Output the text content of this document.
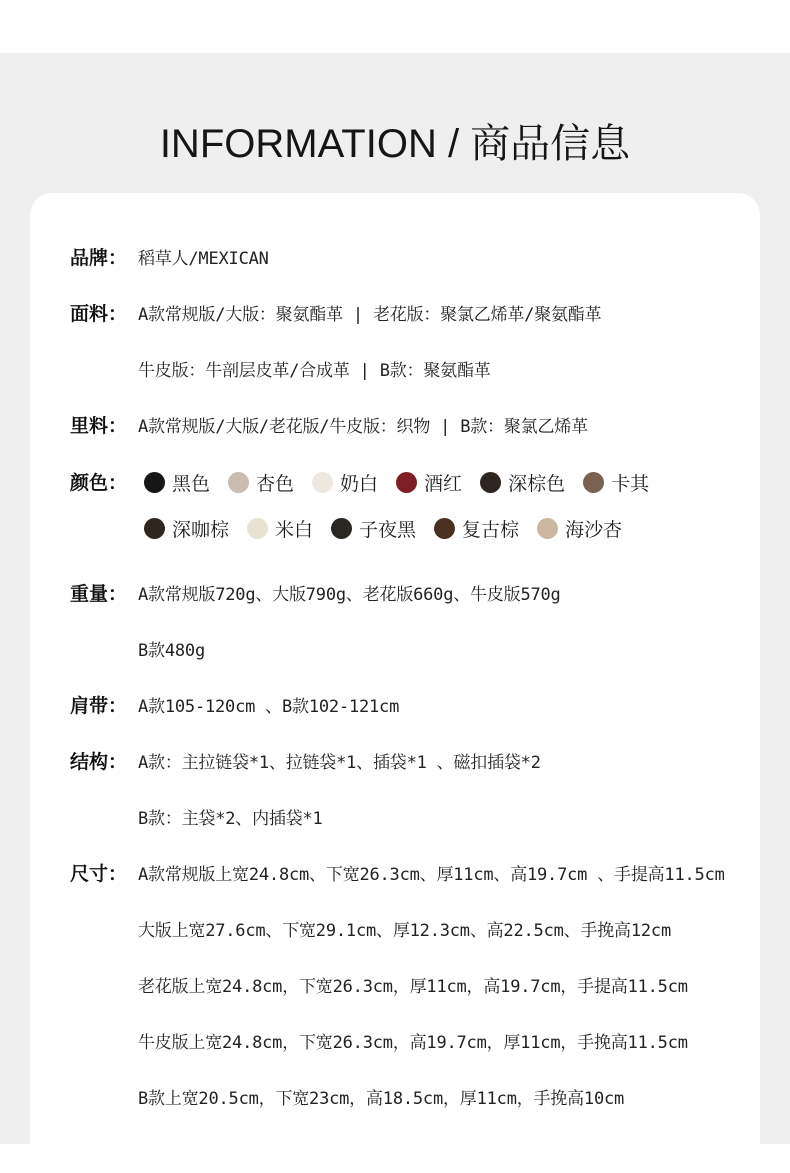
INFORMATION / 商品信息
品牌： 稻草人/MEXICAN
面料： A款常规版/大版：聚氨酯革 | 老花版：聚氯乙烯革/聚氨酯革
牛皮版：牛剖层皮革/合成革 | B款：聚氨酯革
里料： A款常规版/大版/老花版/牛皮版：织物 | B款：聚氯乙烯革
颜色：	黑色 杏色 奶白 酒红 深棕色 卡其
深咖棕 米白 子夜黑 复古棕 海沙杏
重量： A款常规版720g、大版790g、老花版660g、牛皮版570g
B款480g
肩带： A款105-120cm 、B款102-121cm
结构： A款：主拉链袋*1、拉链袋*1、插袋*1 、磁扣插袋*2
B款：主袋*2、内插袋*1
尺寸： A款常规版上宽24.8cm、下宽26.3cm、厚11cm、高19.7cm 、手提高11.5cm
大版上宽27.6cm、下宽29.1cm、厚12.3cm、高22.5cm、手挽高12cm
老花版上宽24.8cm，下宽26.3cm，厚11cm，高19.7cm，手提高11.5cm
牛皮版上宽24.8cm，下宽26.3cm，高19.7cm，厚11cm，手挽高11.5cm
B款上宽20.5cm，下宽23cm，高18.5cm，厚11cm，手挽高10cm
